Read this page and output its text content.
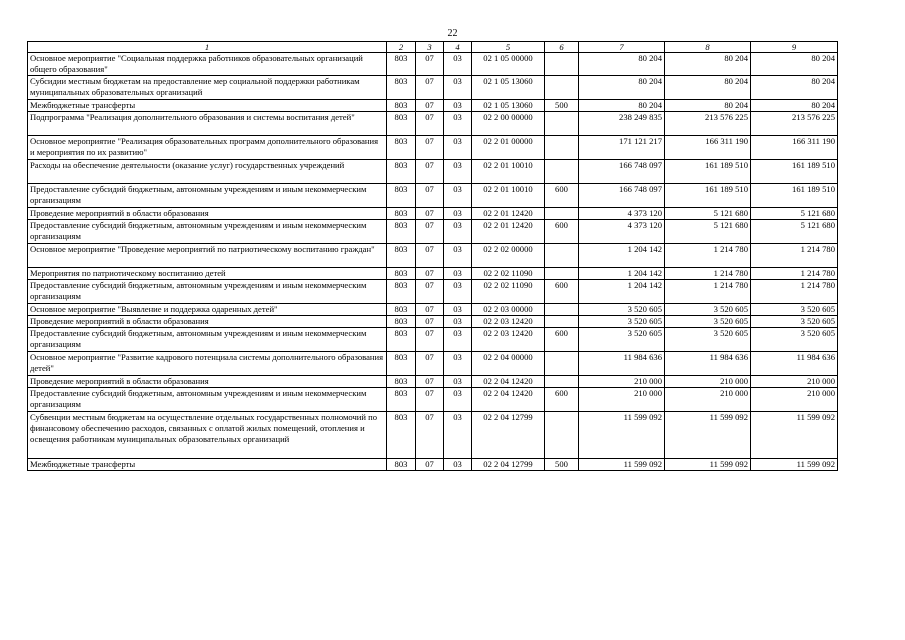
22
1	2	3	4	5	6	7	8	9
Основное мероприятие "Социальная поддержка работников образовательных организаций общего образования"	803	07	03	02 1 05 00000		80 204	80 204	80 204
Субсидии местным бюджетам на предоставление мер социальной поддержки работникам муниципальных образовательных организаций	803	07	03	02 1 05 13060		80 204	80 204	80 204
Межбюджетные трансферты	803	07	03	02 1 05 13060	500	80 204	80 204	80 204
Подпрограмма "Реализация дополнительного образования и системы воспитания детей"	803	07	03	02 2 00 00000		238 249 835	213 576 225	213 576 225
Основное мероприятие "Реализация образовательных программ дополнительного образования и мероприятия по их развитию"	803	07	03	02 2 01 00000		171 121 217	166 311 190	166 311 190
Расходы на обеспечение деятельности (оказание услуг) государственных учреждений	803	07	03	02 2 01 10010		166 748 097	161 189 510	161 189 510
Предоставление субсидий бюджетным, автономным учреждениям и иным некоммерческим организациям	803	07	03	02 2 01 10010	600	166 748 097	161 189 510	161 189 510
Проведение мероприятий в области образования	803	07	03	02 2 01 12420		4 373 120	5 121 680	5 121 680
Предоставление субсидий бюджетным, автономным учреждениям и иным некоммерческим организациям	803	07	03	02 2 01 12420	600	4 373 120	5 121 680	5 121 680
Основное мероприятие "Проведение мероприятий по патриотическому воспитанию граждан"	803	07	03	02 2 02 00000		1 204 142	1 214 780	1 214 780
Мероприятия по патриотическому воспитанию детей	803	07	03	02 2 02 11090		1 204 142	1 214 780	1 214 780
Предоставление субсидий бюджетным, автономным учреждениям и иным некоммерческим организациям	803	07	03	02 2 02 11090	600	1 204 142	1 214 780	1 214 780
Основное мероприятие "Выявление и поддержка одаренных детей"	803	07	03	02 2 03 00000		3 520 605	3 520 605	3 520 605
Проведение мероприятий в области образования	803	07	03	02 2 03 12420		3 520 605	3 520 605	3 520 605
Предоставление субсидий бюджетным, автономным учреждениям и иным некоммерческим организациям	803	07	03	02 2 03 12420	600	3 520 605	3 520 605	3 520 605
Основное мероприятие "Развитие кадрового потенциала системы дополнительного образования детей"	803	07	03	02 2 04 00000		11 984 636	11 984 636	11 984 636
Проведение мероприятий в области образования	803	07	03	02 2 04 12420		210 000	210 000	210 000
Предоставление субсидий бюджетным, автономным учреждениям и иным некоммерческим организациям	803	07	03	02 2 04 12420	600	210 000	210 000	210 000
Субвенции местным бюджетам на осуществление отдельных государственных полномочий по финансовому обеспечению расходов, связанных с оплатой жилых помещений, отопления и освещения работникам муниципальных образовательных организаций	803	07	03	02 2 04 12799		11 599 092	11 599 092	11 599 092
Межбюджетные трансферты	803	07	03	02 2 04 12799	500	11 599 092	11 599 092	11 599 092
